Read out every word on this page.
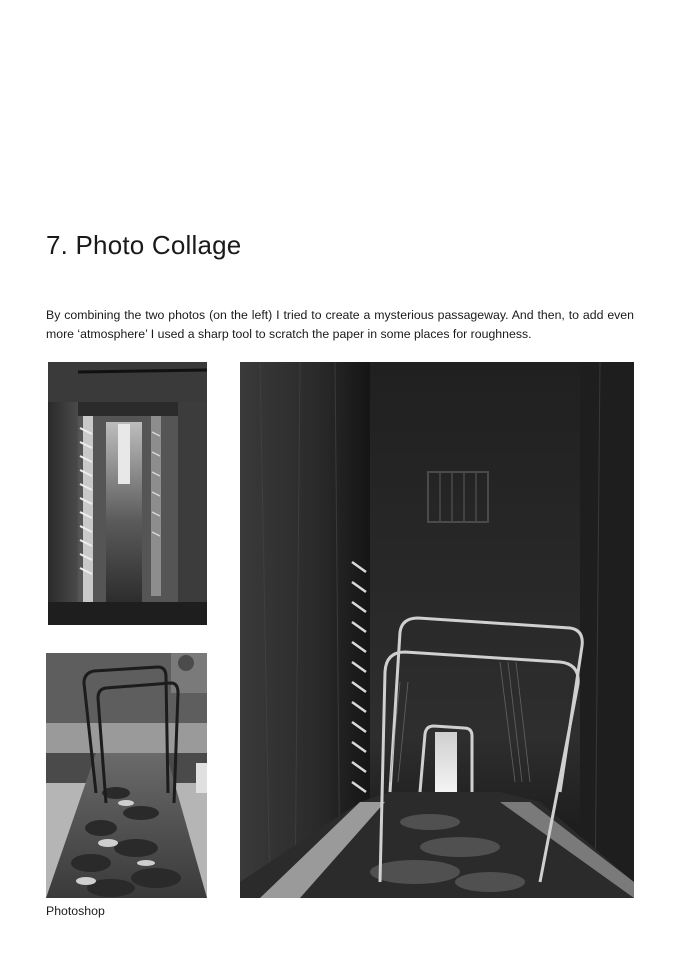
7. Photo Collage

By combining the two photos (on the left) I tried to create a mysterious passageway. And then, to add even more ‘atmosphere’ I used a sharp tool to scratch the paper in some places for roughness.

Photoshop
